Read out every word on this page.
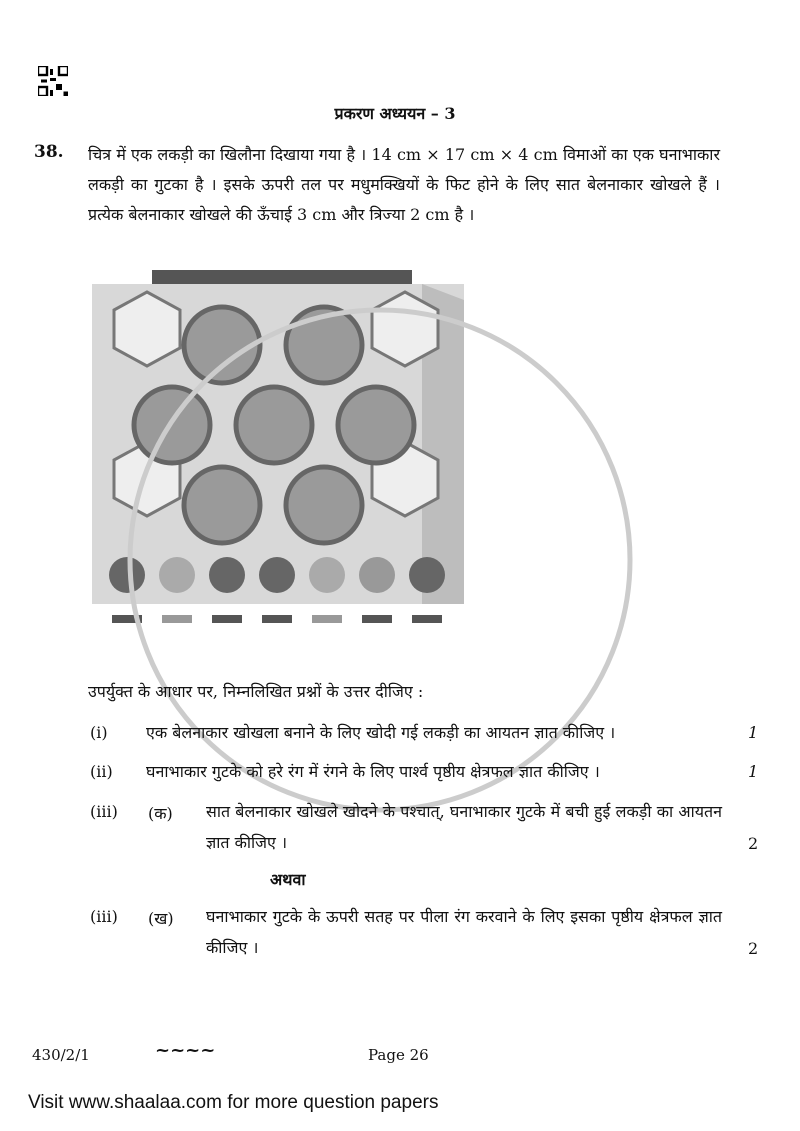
प्रकरण अध्ययन – 3
38. चित्र में एक लकड़ी का खिलौना दिखाया गया है । 14 cm × 17 cm × 4 cm विमाओं का एक घनाभाकार लकड़ी का गुटका है । इसके ऊपरी तल पर मधुमक्खियों के फिट होने के लिए सात बेलनाकार खोखले हैं । प्रत्येक बेलनाकार खोखले की ऊँचाई 3 cm और त्रिज्या 2 cm है ।
उपर्युक्त के आधार पर, निम्नलिखित प्रश्नों के उत्तर दीजिए :
(i) एक बेलनाकार खोखला बनाने के लिए खोदी गई लकड़ी का आयतन ज्ञात कीजिए ।	1
(ii) घनाभाकार गुटके को हरे रंग में रंगने के लिए पार्श्व पृष्ठीय क्षेत्रफल ज्ञात कीजिए ।	1
(iii) (क) सात बेलनाकार खोखले खोदने के पश्चात्, घनाभाकार गुटके में बची हुई लकड़ी का आयतन ज्ञात कीजिए ।	2
अथवा
(iii) (ख) घनाभाकार गुटके के ऊपरी सतह पर पीला रंग करवाने के लिए इसका पृष्ठीय क्षेत्रफल ज्ञात कीजिए ।	2
430/2/1	~~~~	Page 26
Visit www.shaalaa.com for more question papers
